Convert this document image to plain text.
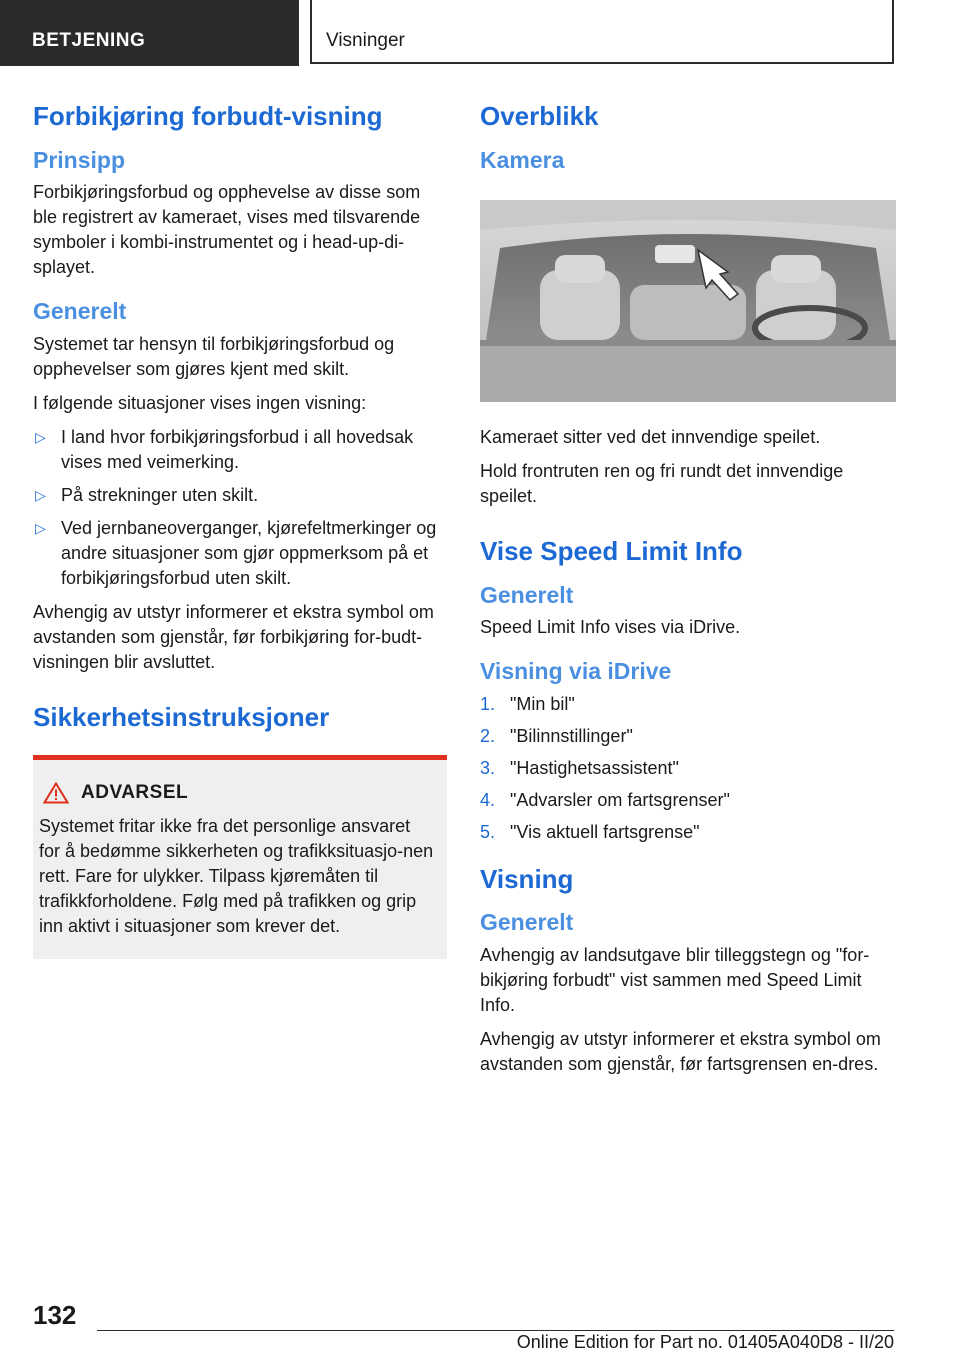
BETJENING	Visninger
Forbikjøring forbudt-visning
Prinsipp

Forbikjøringsforbud og opphevelse av disse som ble registrert av kameraet, vises med tilsvarende symboler i kombi-instrumentet og i head-up-di-splayet.

Generelt

Systemet tar hensyn til forbikjøringsforbud og opphevelser som gjøres kjent med skilt.

I følgende situasjoner vises ingen visning:

▷ I land hvor forbikjøringsforbud i all hovedsak vises med veimerking.
▷ På strekninger uten skilt.
▷ Ved jernbaneoverganger, kjørefeltmerkinger og andre situasjoner som gjør oppmerksom på et forbikjøringsforbud uten skilt.

Avhengig av utstyr informerer et ekstra symbol om avstanden som gjenstår, før forbikjøring for-budt-visningen blir avsluttet.

Sikkerhetsinstruksjoner
ADVARSEL

Systemet fritar ikke fra det personlige ansvaret for å bedømme sikkerheten og trafikksituasjo-nen rett. Fare for ulykker. Tilpass kjøremåten til trafikkforholdene. Følg med på trafikken og grip inn aktivt i situasjoner som krever det.

Overblikk
Kamera

Kameraet sitter ved det innvendige speilet.

Hold frontruten ren og fri rundt det innvendige speilet.

Vise Speed Limit Info
Generelt

Speed Limit Info vises via iDrive.

Visning via iDrive
1. "Min bil"
2. "Bilinnstillinger"
3. "Hastighetsassistent"
4. "Advarsler om fartsgrenser"
5. "Vis aktuell fartsgrense"
Visning
Generelt

Avhengig av landsutgave blir tilleggstegn og "for-bikjøring forbudt" vist sammen med Speed Limit Info.

Avhengig av utstyr informerer et ekstra symbol om avstanden som gjenstår, før fartsgrensen en-dres.

132
Online Edition for Part no. 01405A040D8 - II/20
